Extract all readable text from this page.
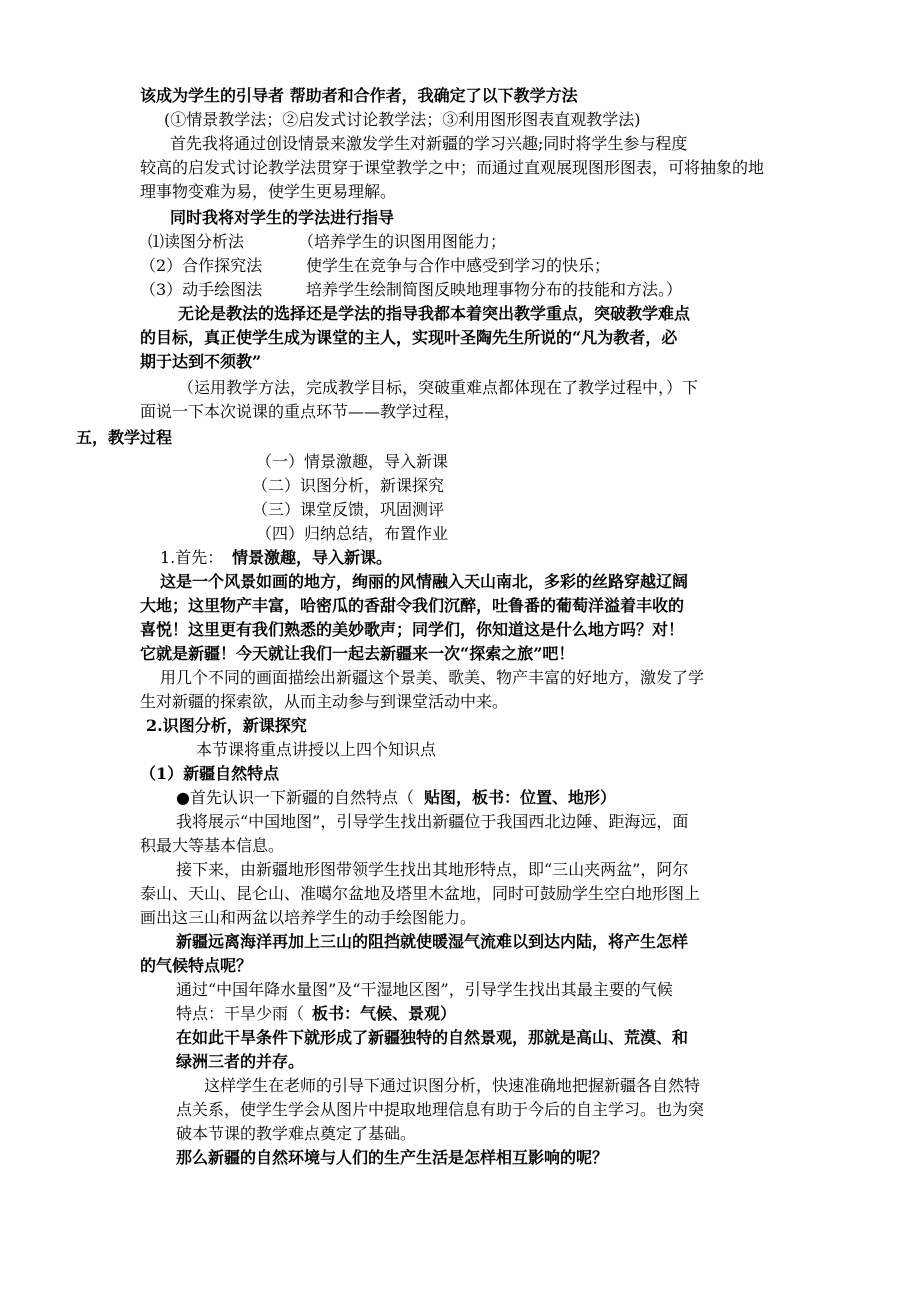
该成为学生的引导者 帮助者和合作者，我确定了以下教学方法
(①情景教学法；②启发式讨论教学法；③利用图形图表直观教学法)
首先我将通过创设情景来激发学生对新疆的学习兴趣;同时将学生参与程度
较高的启发式讨论教学法贯穿于课堂教学之中；而通过直观展现图形图表，可将抽象的地
理事物变难为易，使学生更易理解。
同时我将对学生的学法进行指导
⑴读图分析法	（培养学生的识图用图能力；
（2）合作探究法	使学生在竞争与合作中感受到学习的快乐；
（3）动手绘图法	培养学生绘制简图反映地理事物分布的技能和方法。）
无论是教法的选择还是学法的指导我都本着突出教学重点，突破教学难点
的目标，真正使学生成为课堂的主人，实现叶圣陶先生所说的“凡为教者，必
期于达到不须教”
（运用教学方法，完成教学目标，突破重难点都体现在了教学过程中，）下
面说一下本次说课的重点环节——教学过程，
五，教学过程
（一）情景激趣，导入新课
（二）识图分析，新课探究
（三）课堂反馈，巩固测评
（四）归纳总结，布置作业
1.首先： 情景激趣，导入新课。
这是一个风景如画的地方，绚丽的风情融入天山南北，多彩的丝路穿越辽阔
大地；这里物产丰富，哈密瓜的香甜令我们沉醉，吐鲁番的葡萄洋溢着丰收的
喜悦！这里更有我们熟悉的美妙歌声；同学们，你知道这是什么地方吗？对！
它就是新疆！今天就让我们一起去新疆来一次“探索之旅”吧！
用几个不同的画面描绘出新疆这个景美、歌美、物产丰富的好地方，激发了学
生对新疆的探索欲，从而主动参与到课堂活动中来。
2.识图分析，新课探究
本节课将重点讲授以上四个知识点
（1）新疆自然特点
●首先认识一下新疆的自然特点（ 贴图，板书：位置、地形）
我将展示“中国地图”，引导学生找出新疆位于我国西北边陲、距海远，面
积最大等基本信息。
接下来，由新疆地形图带领学生找出其地形特点，即“三山夹两盆”，阿尔
泰山、天山、昆仑山、准噶尔盆地及塔里木盆地，同时可鼓励学生空白地形图上
画出这三山和两盆以培养学生的动手绘图能力。
新疆远离海洋再加上三山的阻挡就使暖湿气流难以到达内陆，将产生怎样
的气候特点呢？
通过“中国年降水量图”及“干湿地区图”，引导学生找出其最主要的气候
特点：干旱少雨（ 板书：气候、景观）
在如此干旱条件下就形成了新疆独特的自然景观，那就是高山、荒漠、和
绿洲三者的并存。
这样学生在老师的引导下通过识图分析，快速准确地把握新疆各自然特
点关系，使学生学会从图片中提取地理信息有助于今后的自主学习。也为突
破本节课的教学难点奠定了基础。
那么新疆的自然环境与人们的生产生活是怎样相互影响的呢？
